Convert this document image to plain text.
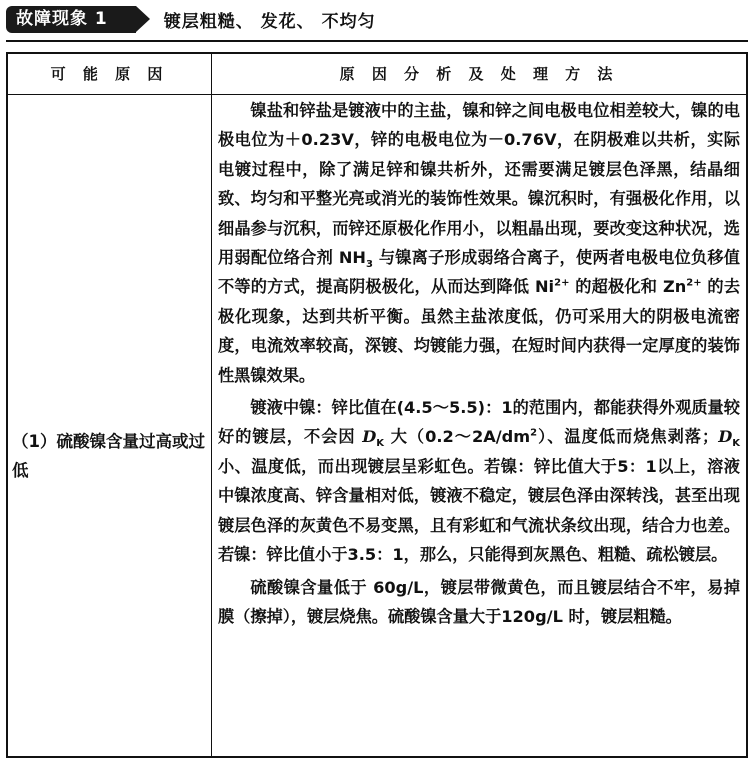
故障现象 1	镀层粗糙、 发花、 不均匀
可 能 原 因	原 因 分 析 及 处 理 方 法
（1）硫酸镍含量过高或过低

镍盐和锌盐是镀液中的主盐，镍和锌之间电极电位相差较大，镍的电极电位为＋0.23V，锌的电极电位为－0.76V，在阴极难以共析，实际电镀过程中，除了满足锌和镍共析外，还需要满足镀层色泽黑，结晶细致、均匀和平整光亮或消光的装饰性效果。镍沉积时，有强极化作用，以细晶参与沉积，而锌还原极化作用小，以粗晶出现，要改变这种状况，选用弱配位络合剂 $NH_3$ 与镍离子形成弱络合离子，使两者电极电位负移值不等的方式，提高阴极极化，从而达到降低 $Ni^{2+}$ 的超极化和 $Zn^{2+}$ 的去极化现象，达到共析平衡。虽然主盐浓度低，仍可采用大的阴极电流密度，电流效率较高，深镀、均镀能力强，在短时间内获得一定厚度的装饰性黑镍效果。

镀液中镍：锌比值在(4.5～5.5)：1的范围内，都能获得外观质量较好的镀层，不会因 $D_K$ 大$(0.2\sim 2A/dm^2)$、温度低而烧焦剥落；$D_K$ 小、温度低，而出现镀层呈彩虹色。若镍：锌比值大于5：1以上，溶液中镍浓度高、锌含量相对低，镀液不稳定，镀层色泽由深转浅，甚至出现镀层色泽的灰黄色不易变黑，且有彩虹和气流状条纹出现，结合力也差。若镍：锌比值小于3.5：1，那么，只能得到灰黑色、粗糙、疏松镀层。

硫酸镍含量低于 60g/L，镀层带微黄色，而且镀层结合不牢，易掉膜（擦掉），镀层烧焦。硫酸镍含量大于120g/L 时，镀层粗糙。
